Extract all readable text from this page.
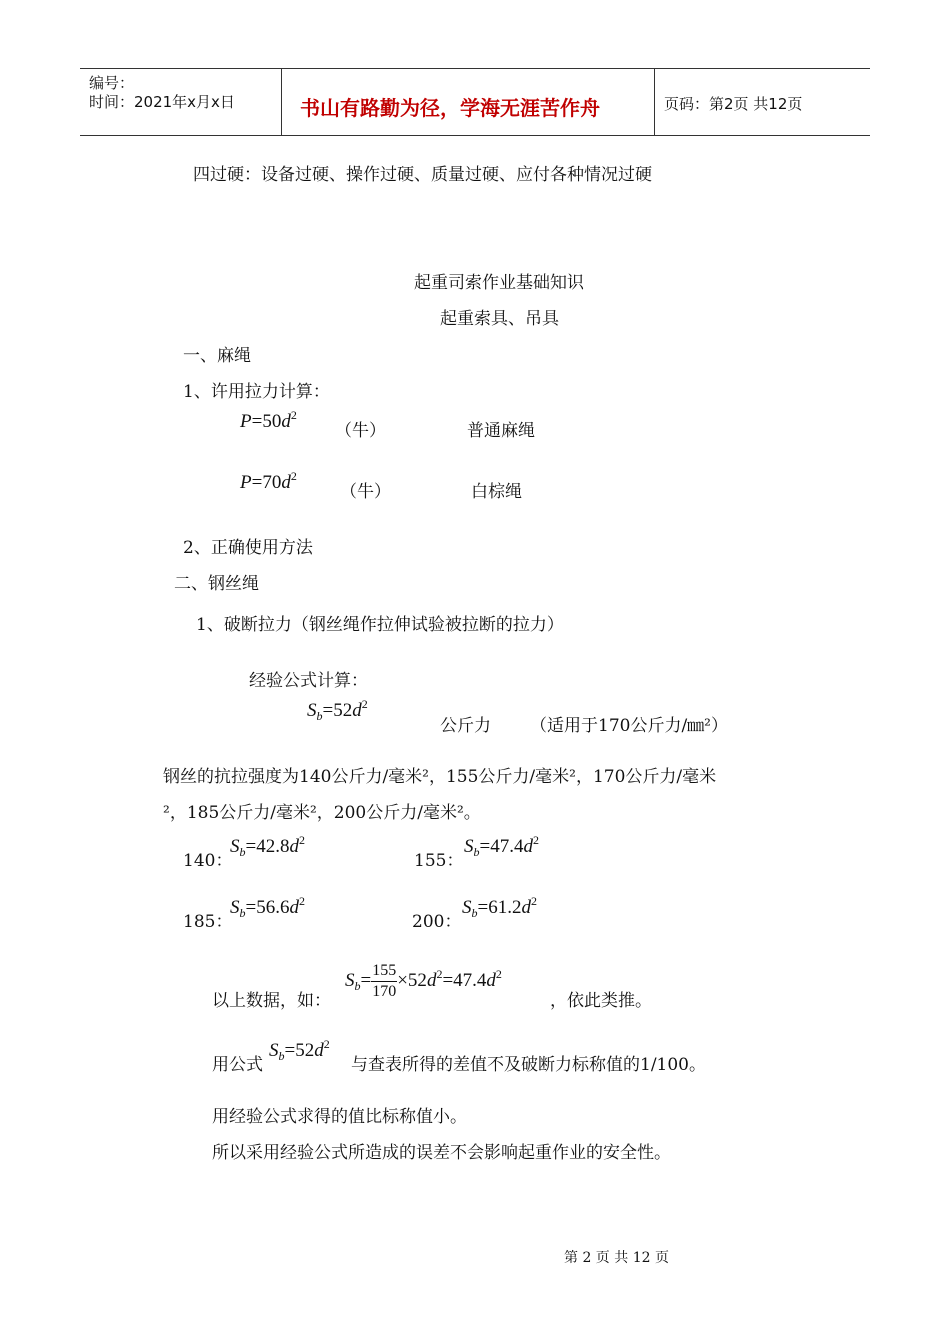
编号：
时间：2021年x月x日	书山有路勤为径，学海无涯苦作舟	页码：第2页 共12页
四过硬：设备过硬、操作过硬、质量过硬、应付各种情况过硬
起重司索作业基础知识
起重索具、吊具
一、麻绳
1、许用拉力计算：
$P=50d^2$
（牛）	普通麻绳
$P=70d^2$
（牛）	白棕绳
2、正确使用方法
二、钢丝绳
1、破断拉力（钢丝绳作拉伸试验被拉断的拉力）
经验公式计算：
$S_b=52d^2$
公斤力 （适用于170公斤力/㎜²）
钢丝的抗拉强度为140公斤力/毫米²，155公斤力/毫米²，170公斤力/毫米
²，185公斤力/毫米²，200公斤力/毫米²。
140：
$S_b=42.8d^2$
155：
$S_b=47.4d^2$
185：
$S_b=56.6d^2$
200：
$S_b=61.2d^2$
以上数据，如：
$S_b= \frac{155}{170} \times 52d^2=47.4d^2$
，依此类推。
用公式
$S_b=52d^2$
与查表所得的差值不及破断力标称值的1/100。
用经验公式求得的值比标称值小。
所以采用经验公式所造成的误差不会影响起重作业的安全性。
第 2 页 共 12 页
